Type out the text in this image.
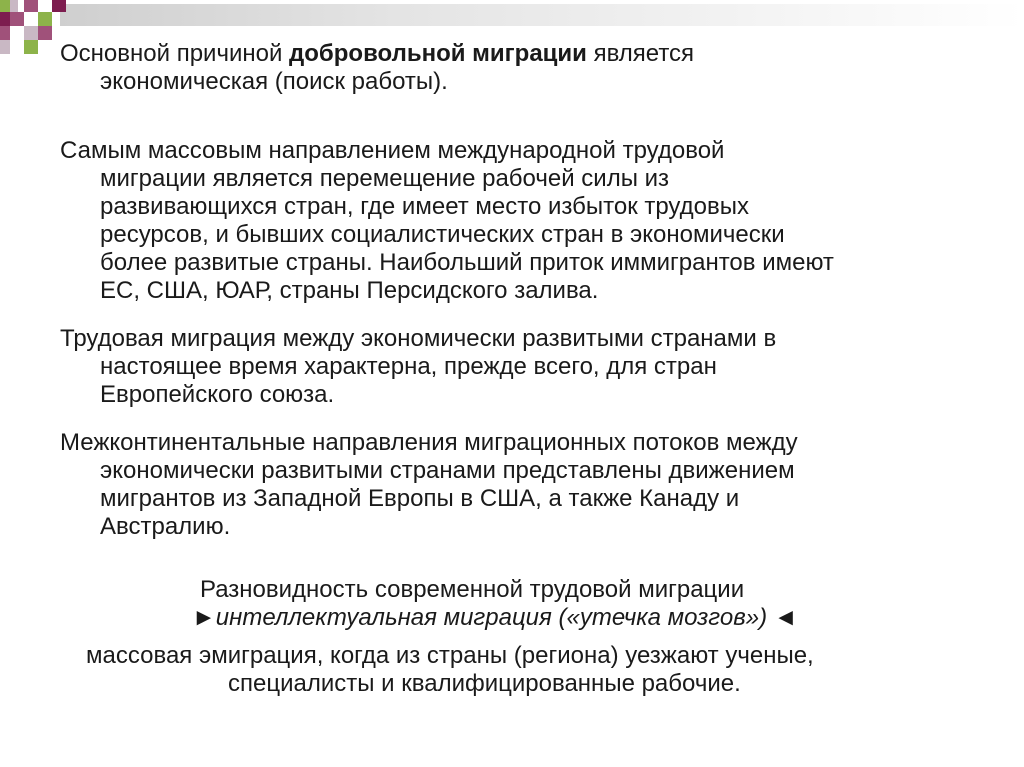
Основной причиной добровольной миграции является
экономическая (поиск работы).
Самым массовым направлением международной трудовой
миграции является перемещение рабочей силы из
развивающихся стран, где имеет место избыток трудовых
ресурсов, и бывших социалистических стран в экономически
более развитые страны. Наибольший приток иммигрантов имеют
ЕС, США, ЮАР, страны Персидского залива.
Трудовая миграция между экономически развитыми странами в
настоящее время характерна, прежде всего, для стран
Европейского союза.
Межконтинентальные направления миграционных потоков между
экономически развитыми странами представлены движением
мигрантов из Западной Европы в США, а также Канаду и
Австралию.
Разновидность современной трудовой миграции
►интеллектуальная миграция («утечка мозгов») ◄
массовая эмиграция, когда из страны (региона) уезжают ученые,
специалисты и квалифицированные рабочие.
